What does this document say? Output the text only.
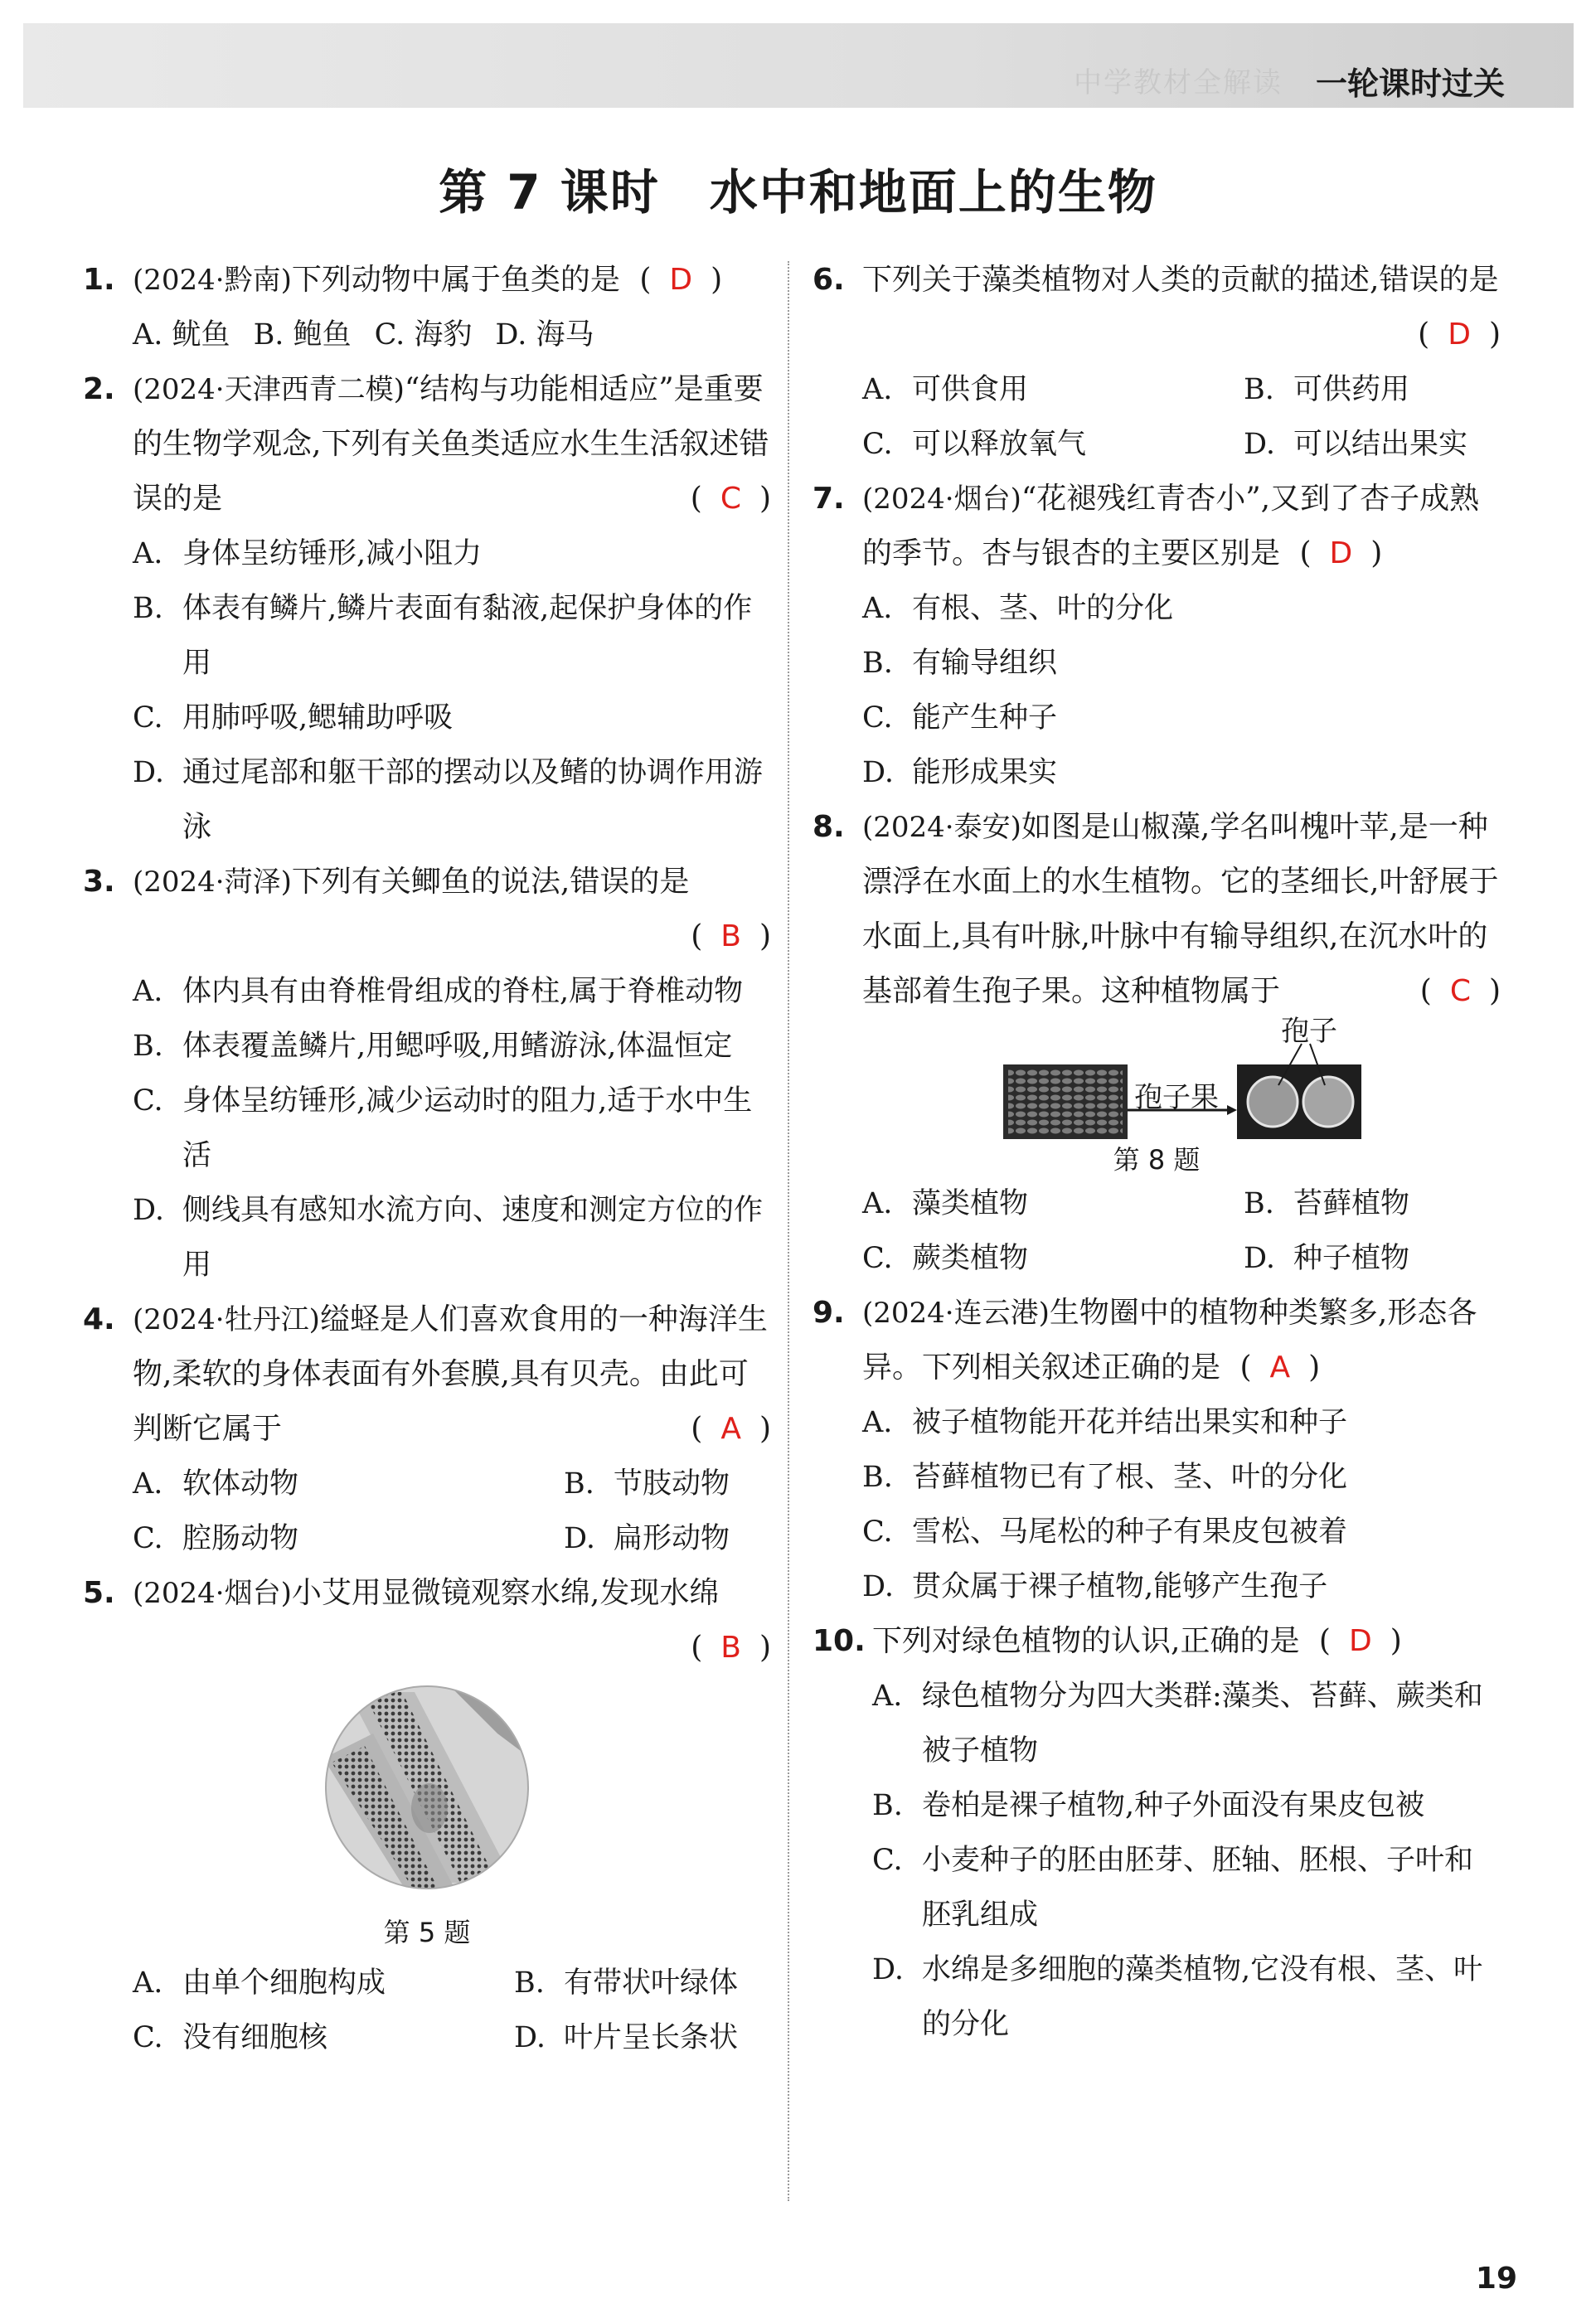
中学教材全解读 一轮课时过关
第 7 课时 水中和地面上的生物
1. (2024·黔南)下列动物中属于鱼类的是 ( D )
A. 鱿鱼 B. 鲍鱼 C. 海豹 D. 海马
2. (2024·天津西青二模)“结构与功能相适应”是重要的生物学观念,下列有关鱼类适应水生生活叙述错误的是	( C )
A. 身体呈纺锤形,减小阻力
B. 体表有鳞片,鳞片表面有黏液,起保护身体的作用
C. 用肺呼吸,鳃辅助呼吸
D. 通过尾部和躯干部的摆动以及鳍的协调作用游泳
3. (2024·菏泽)下列有关鲫鱼的说法,错误的是

( B )
A. 体内具有由脊椎骨组成的脊柱,属于脊椎动物
B. 体表覆盖鳞片,用鳃呼吸,用鳍游泳,体温恒定
C. 身体呈纺锤形,减少运动时的阻力,适于水中生活
D. 侧线具有感知水流方向、速度和测定方位的作用
4. (2024·牡丹江)缢蛏是人们喜欢食用的一种海洋生物,柔软的身体表面有外套膜,具有贝壳。由此可判断它属于	( A )
A. 软体动物	B. 节肢动物
C. 腔肠动物	D. 扁形动物
5. (2024·烟台)小艾用显微镜观察水绵,发现水绵
( B )
第 5 题
A. 由单个细胞构成	B. 有带状叶绿体
C. 没有细胞核	D. 叶片呈长条状
6. 下列关于藻类植物对人类的贡献的描述,错误的是
( D )
A. 可供食用	B. 可供药用
C. 可以释放氧气	D. 可以结出果实
7. (2024·烟台)“花褪残红青杏小”,又到了杏子成熟的季节。杏与银杏的主要区别是 ( D )
A. 有根、茎、叶的分化
B. 有输导组织
C. 能产生种子
D. 能形成果实
8. (2024·泰安)如图是山椒藻,学名叫槐叶苹,是一种漂浮在水面上的水生植物。它的茎细长,叶舒展于水面上,具有叶脉,叶脉中有输导组织,在沉水叶的基部着生孢子果。这种植物属于	( C )
孢子
孢子果
第 8 题
A. 藻类植物	B. 苔藓植物
C. 蕨类植物	D. 种子植物
9. (2024·连云港)生物圈中的植物种类繁多,形态各异。下列相关叙述正确的是 ( A )
A. 被子植物能开花并结出果实和种子
B. 苔藓植物已有了根、茎、叶的分化
C. 雪松、马尾松的种子有果皮包被着
D. 贯众属于裸子植物,能够产生孢子
10. 下列对绿色植物的认识,正确的是 ( D )
A. 绿色植物分为四大类群:藻类、苔藓、蕨类和被子植物
B. 卷柏是裸子植物,种子外面没有果皮包被
C. 小麦种子的胚由胚芽、胚轴、胚根、子叶和胚乳组成
D. 水绵是多细胞的藻类植物,它没有根、茎、叶的分化
19
